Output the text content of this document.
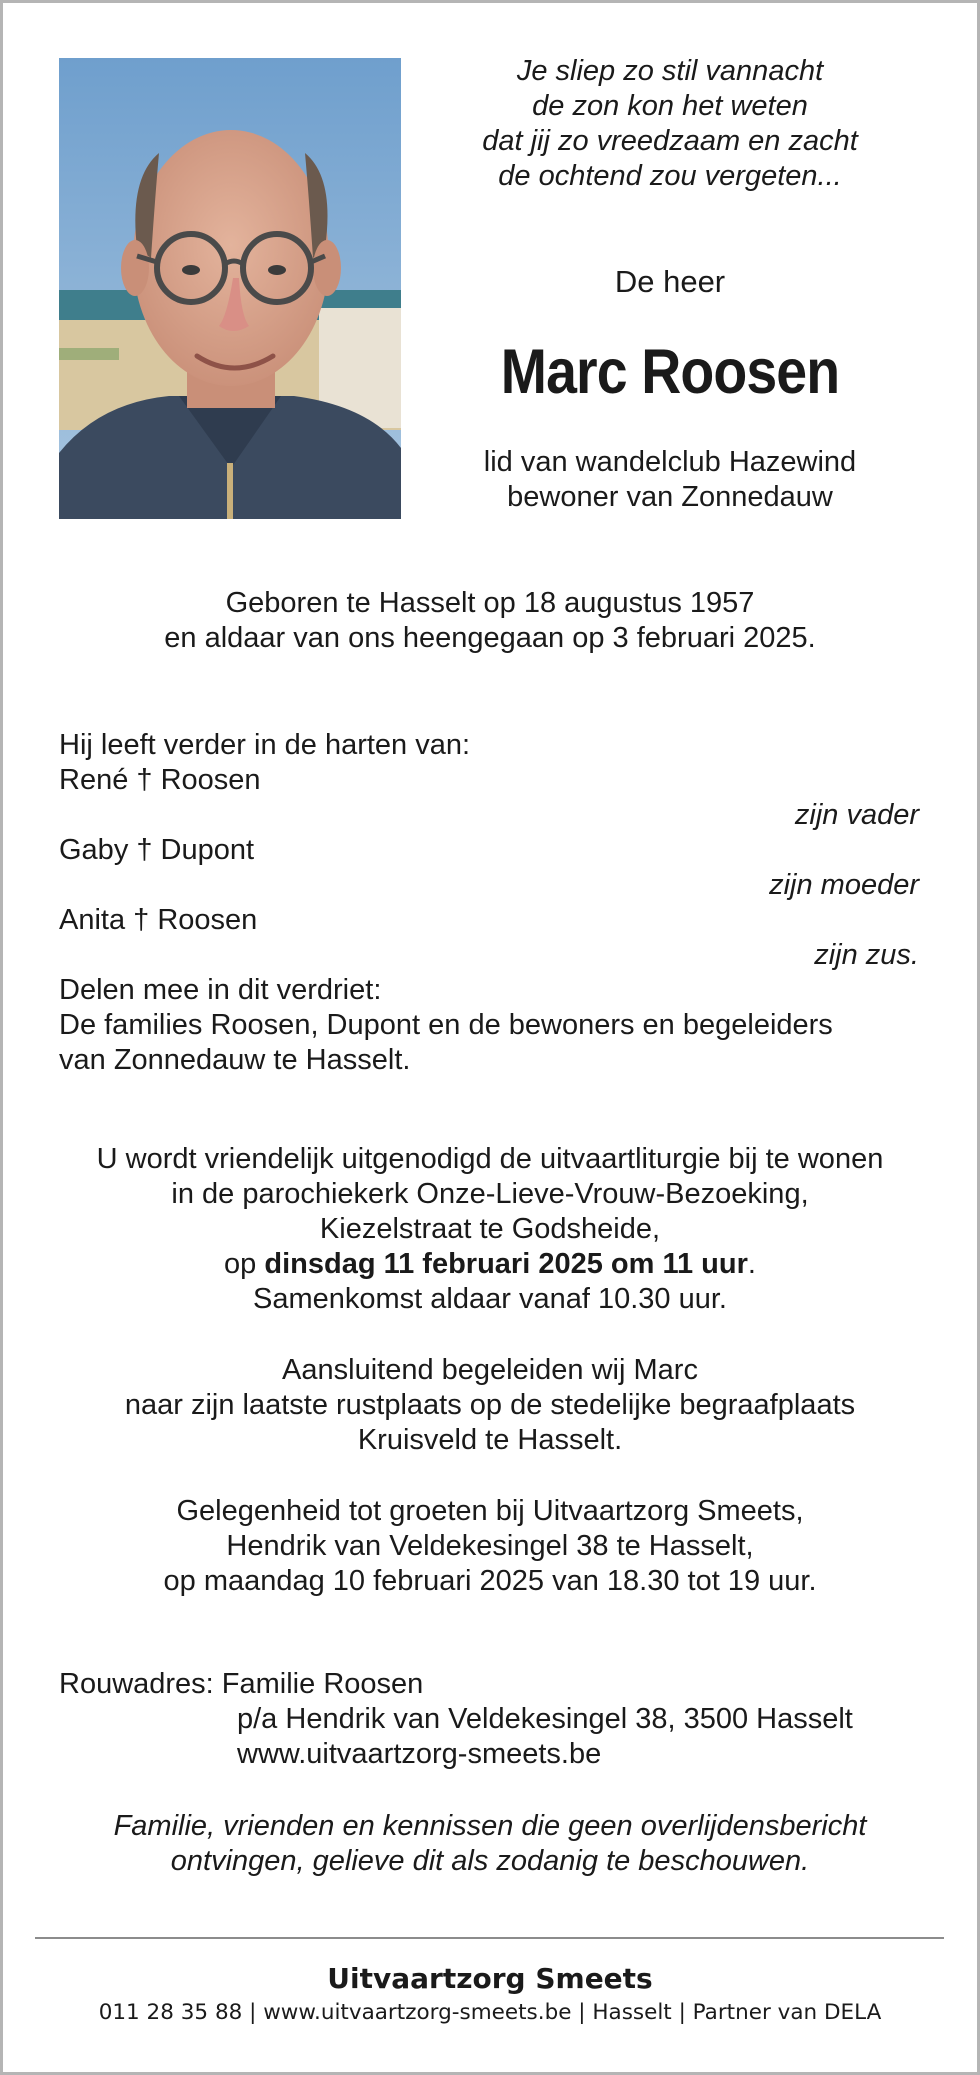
Je sliep zo stil vannacht
de zon kon het weten
dat jij zo vreedzaam en zacht
de ochtend zou vergeten...
De heer
Marc Roosen
lid van wandelclub Hazewind
bewoner van Zonnedauw
Geboren te Hasselt op 18 augustus 1957
en aldaar van ons heengegaan op 3 februari 2025.
Hij leeft verder in de harten van:
René † Roosen
zijn vader
Gaby † Dupont
zijn moeder
Anita † Roosen
zijn zus.
Delen mee in dit verdriet:
De families Roosen, Dupont en de bewoners en begeleiders
van Zonnedauw te Hasselt.
U wordt vriendelijk uitgenodigd de uitvaartliturgie bij te wonen
in de parochiekerk Onze-Lieve-Vrouw-Bezoeking,
Kiezelstraat te Godsheide,
op dinsdag 11 februari 2025 om 11 uur.
Samenkomst aldaar vanaf 10.30 uur.
Aansluitend begeleiden wij Marc
naar zijn laatste rustplaats op de stedelijke begraafplaats
Kruisveld te Hasselt.
Gelegenheid tot groeten bij Uitvaartzorg Smeets,
Hendrik van Veldekesingel 38 te Hasselt,
op maandag 10 februari 2025 van 18.30 tot 19 uur.
Rouwadres: Familie Roosen
p/a Hendrik van Veldekesingel 38, 3500 Hasselt
www.uitvaartzorg-smeets.be
Familie, vrienden en kennissen die geen overlijdensbericht
ontvingen, gelieve dit als zodanig te beschouwen.
Uitvaartzorg Smeets
011 28 35 88 | www.uitvaartzorg-smeets.be | Hasselt | Partner van DELA
